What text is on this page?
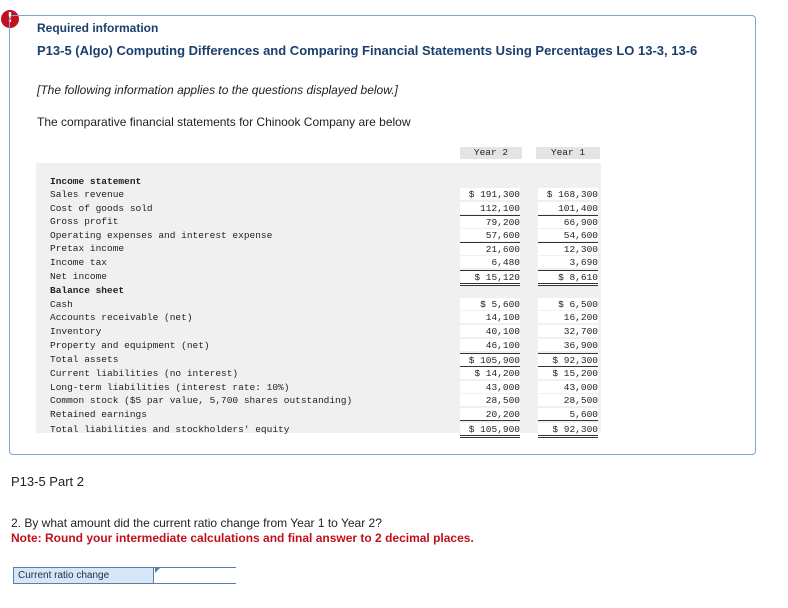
!
Required information
P13-5 (Algo) Computing Differences and Comparing Financial Statements Using Percentages LO 13-3, 13-6
[The following information applies to the questions displayed below.]
The comparative financial statements for Chinook Company are below
Year 2	Year 1
Income statement
Sales revenue	$ 191,300	$ 168,300
Cost of goods sold	112,100	101,400
Gross profit	79,200	66,900
Operating expenses and interest expense	57,600	54,600
Pretax income	21,600	12,300
Income tax	6,480	3,690
Net income	$ 15,120	$ 8,610
Balance sheet
Cash	$ 5,600	$ 6,500
Accounts receivable (net)	14,100	16,200
Inventory	40,100	32,700
Property and equipment (net)	46,100	36,900
Total assets	$ 105,900	$ 92,300
Current liabilities (no interest)	$ 14,200	$ 15,200
Long-term liabilities (interest rate: 10%)	43,000	43,000
Common stock ($5 par value, 5,700 shares outstanding)	28,500	28,500
Retained earnings	20,200	5,600
Total liabilities and stockholders' equity	$ 105,900	$ 92,300
P13-5 Part 2
2. By what amount did the current ratio change from Year 1 to Year 2?
Note: Round your intermediate calculations and final answer to 2 decimal places.
Current ratio change
